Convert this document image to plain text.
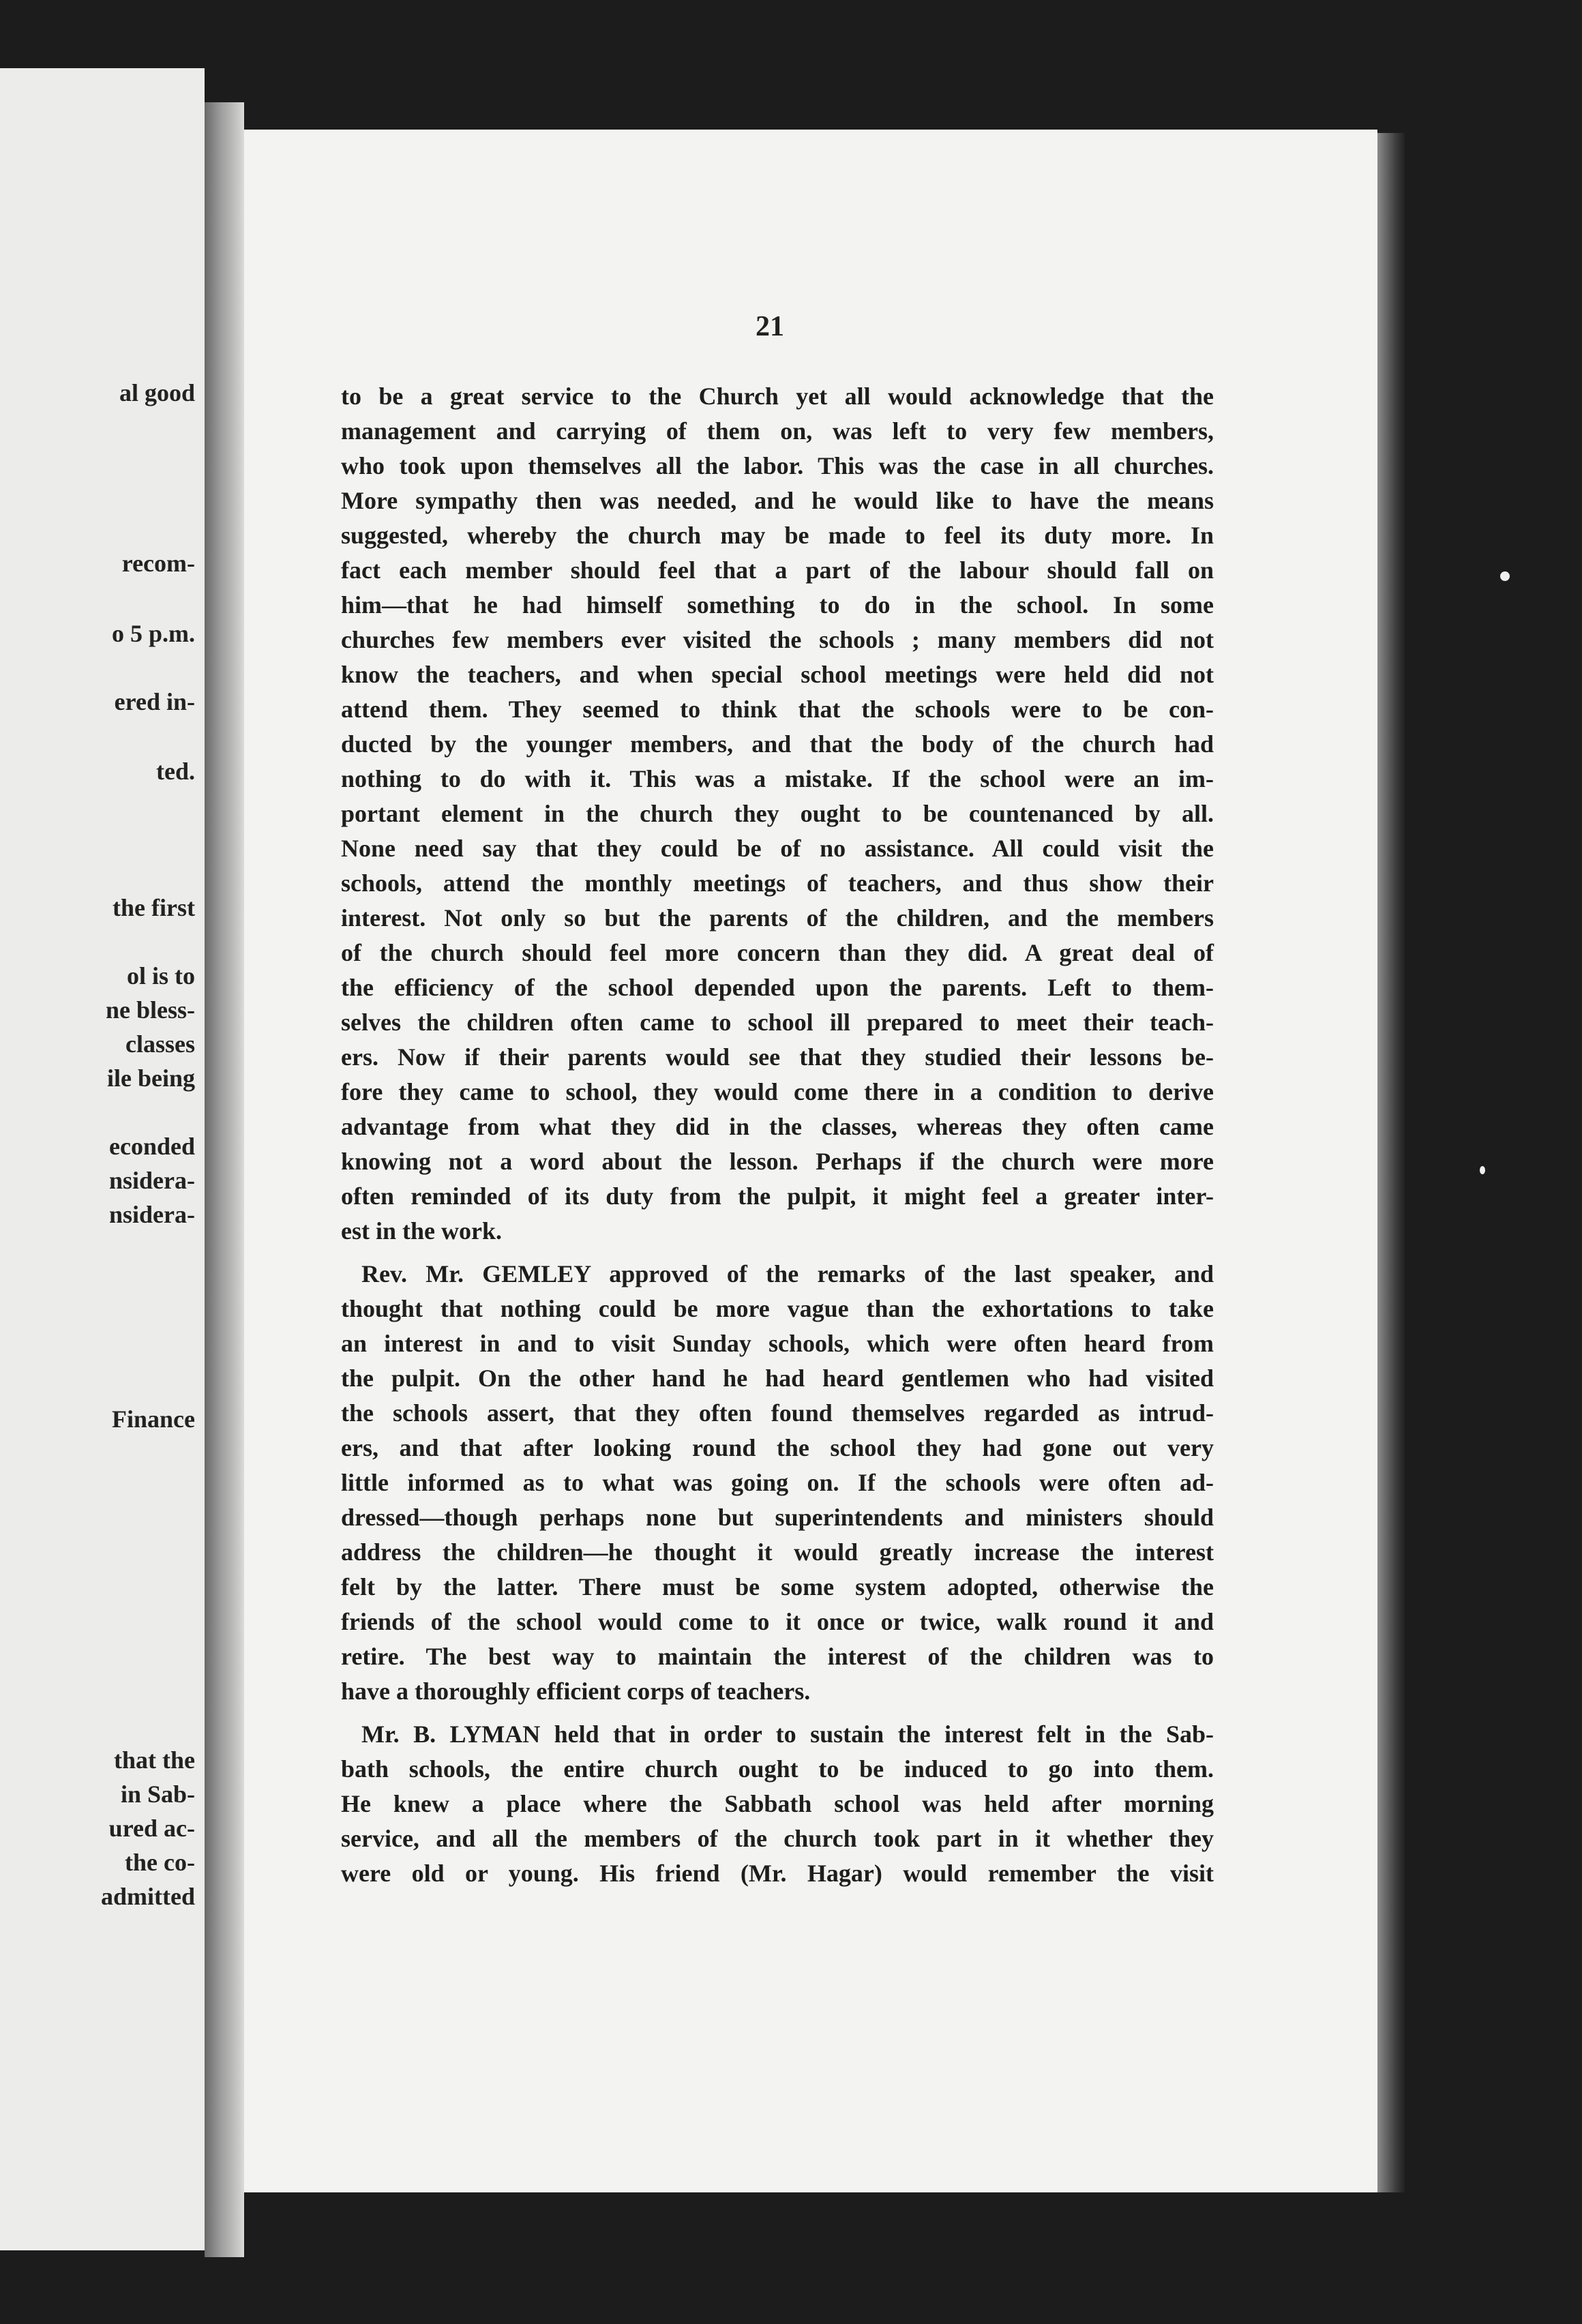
al good
recom-
o 5 p.m.
ered in-
ted.
the first
ol is to
ne bless-
classes
ile being
econded
nsidera-
nsidera-
Finance
that the
in Sab-
ured ac-
the co-
admitted
21
to be a great service to the Church yet all would acknowledge that the
management and carrying of them on, was left to very few members,
who took upon themselves all the labor. This was the case in all churches.
More sympathy then was needed, and he would like to have the means
suggested, whereby the church may be made to feel its duty more. In
fact each member should feel that a part of the labour should fall on
him—that he had himself something to do in the school. In some
churches few members ever visited the schools ; many members did not
know the teachers, and when special school meetings were held did not
attend them. They seemed to think that the schools were to be con-
ducted by the younger members, and that the body of the church had
nothing to do with it. This was a mistake. If the school were an im-
portant element in the church they ought to be countenanced by all.
None need say that they could be of no assistance. All could visit the
schools, attend the monthly meetings of teachers, and thus show their
interest. Not only so but the parents of the children, and the members
of the church should feel more concern than they did. A great deal of
the efficiency of the school depended upon the parents. Left to them-
selves the children often came to school ill prepared to meet their teach-
ers. Now if their parents would see that they studied their lessons be-
fore they came to school, they would come there in a condition to derive
advantage from what they did in the classes, whereas they often came
knowing not a word about the lesson. Perhaps if the church were more
often reminded of its duty from the pulpit, it might feel a greater inter-
est in the work.
Rev. Mr. GEMLEY approved of the remarks of the last speaker, and
thought that nothing could be more vague than the exhortations to take
an interest in and to visit Sunday schools, which were often heard from
the pulpit. On the other hand he had heard gentlemen who had visited
the schools assert, that they often found themselves regarded as intrud-
ers, and that after looking round the school they had gone out very
little informed as to what was going on. If the schools were often ad-
dressed—though perhaps none but superintendents and ministers should
address the children—he thought it would greatly increase the interest
felt by the latter. There must be some system adopted, otherwise the
friends of the school would come to it once or twice, walk round it and
retire. The best way to maintain the interest of the children was to
have a thoroughly efficient corps of teachers.
Mr. B. LYMAN held that in order to sustain the interest felt in the Sab-
bath schools, the entire church ought to be induced to go into them.
He knew a place where the Sabbath school was held after morning
service, and all the members of the church took part in it whether they
were old or young. His friend (Mr. Hagar) would remember the visit
